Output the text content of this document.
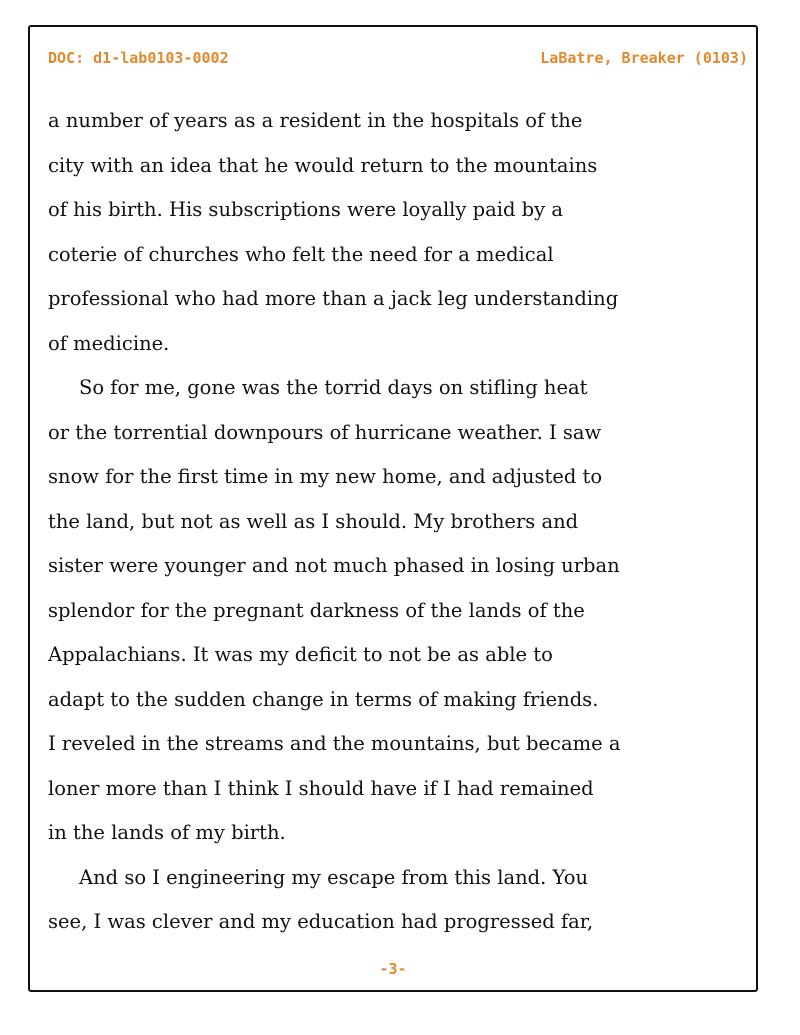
DOC: d1-lab0103-0002	LaBatre, Breaker (0103)
a number of years as a resident in the hospitals of the
city with an idea that he would return to the mountains
of his birth. His subscriptions were loyally paid by a
coterie of churches who felt the need for a medical
professional who had more than a jack leg understanding
of medicine.
So for me, gone was the torrid days on stifling heat
or the torrential downpours of hurricane weather. I saw
snow for the first time in my new home, and adjusted to
the land, but not as well as I should. My brothers and
sister were younger and not much phased in losing urban
splendor for the pregnant darkness of the lands of the
Appalachians. It was my deficit to not be as able to
adapt to the sudden change in terms of making friends.
I reveled in the streams and the mountains, but became a
loner more than I think I should have if I had remained
in the lands of my birth.
And so I engineering my escape from this land. You
see, I was clever and my education had progressed far,
-3-
